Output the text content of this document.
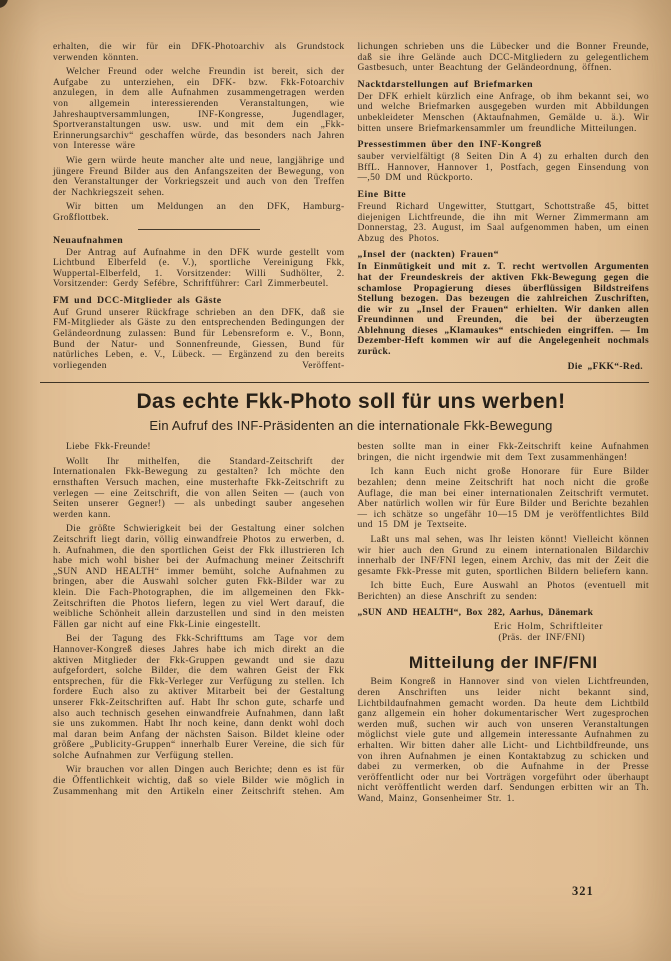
erhalten, die wir für ein DFK-Photoarchiv als Grundstock verwenden könnten.

Welcher Freund oder welche Freundin ist bereit, sich der Aufgabe zu unterziehen, ein DFK- bzw. Fkk-Fotoarchiv anzulegen, in dem alle Aufnahmen zusammengetragen werden von allgemein interessierenden Veranstaltungen, wie Jahreshauptversammlungen, INF-Kongresse, Jugendlager, Sportveranstaltungen usw. usw. und mit dem ein „Fkk-Erinnerungsarchiv“ geschaffen würde, das besonders nach Jahren von Interesse wäre

Wie gern würde heute mancher alte und neue, langjährige und jüngere Freund Bilder aus den Anfangszeiten der Bewegung, von den Veranstaltunger der Vorkriegszeit und auch von den Treffen der Nachkriegszeit sehen.

Wir bitten um Meldungen an den DFK, Hamburg-Großflottbek.

Neuaufnahmen

Der Antrag auf Aufnahme in den DFK wurde gestellt vom Lichtbund Elberfeld (e. V.), sportliche Vereinigung Fkk, Wuppertal-Elberfeld, 1. Vorsitzender: Willi Sudhölter, 2. Vorsitzender: Gerdy Sefébre, Schriftführer: Carl Zimmerbeutel.

FM und DCC-Mitglieder als Gäste

Auf Grund unserer Rückfrage schrieben an den DFK, daß sie FM-Mitglieder als Gäste zu den entsprechenden Bedingungen der Geländeordnung zulassen: Bund für Lebensreform e. V., Bonn, Bund der Natur- und Sonnenfreunde, Giessen, Bund für natürliches Leben, e. V., Lübeck. — Ergänzend zu den bereits vorliegenden Veröffent-

lichungen schrieben uns die Lübecker und die Bonner Freunde, daß sie ihre Gelände auch DCC-Mitgliedern zu gelegentlichem Gastbesuch, unter Beachtung der Geländeordnung, öffnen.

Nacktdarstellungen auf Briefmarken

Der DFK erhielt kürzlich eine Anfrage, ob ihm bekannt sei, wo und welche Briefmarken ausgegeben wurden mit Abbildungen unbekleideter Menschen (Aktaufnahmen, Gemälde u. ä.). Wir bitten unsere Briefmarkensammler um freundliche Mitteilungen.

Pressestimmen über den INF-Kongreß

sauber vervielfältigt (8 Seiten Din A 4) zu erhalten durch den BffL. Hannover, Hannover 1, Postfach, gegen Einsendung von —,50 DM und Rückporto.

Eine Bitte

Freund Richard Ungewitter, Stuttgart, Schottstraße 45, bittet diejenigen Lichtfreunde, die ihn mit Werner Zimmermann am Donnerstag, 23. August, im Saal aufgenommen haben, um einen Abzug des Photos.

„Insel der (nackten) Frauen“

In Einmütigkeit und mit z. T. recht wertvollen Argumenten hat der Freundeskreis der aktiven Fkk-Bewegung gegen die schamlose Propagierung dieses überflüssigen Bildstreifens Stellung bezogen. Das bezeugen die zahlreichen Zuschriften, die wir zu „Insel der Frauen“ erhielten. Wir danken allen Freundinnen und Freunden, die bei der überzeugten Ablehnung dieses „Klamaukes“ entschieden eingriffen. — Im Dezember-Heft kommen wir auf die Angelegenheit nochmals zurück.

Die „FKK“-Red.

Das echte Fkk-Photo soll für uns werben!
Ein Aufruf des INF-Präsidenten an die internationale Fkk-Bewegung

Liebe Fkk-Freunde!

Wollt Ihr mithelfen, die Standard-Zeitschrift der Internationalen Fkk-Bewegung zu gestalten? Ich möchte den ernsthaften Versuch machen, eine musterhafte Fkk-Zeitschrift zu verlegen — eine Zeitschrift, die von allen Seiten — (auch von Seiten unserer Gegner!) — als unbedingt sauber angesehen werden kann.

Die größte Schwierigkeit bei der Gestaltung einer solchen Zeitschrift liegt darin, völlig einwandfreie Photos zu erwerben, d. h. Aufnahmen, die den sportlichen Geist der Fkk illustrieren Ich habe mich wohl bisher bei der Aufmachung meiner Zeitschrift „SUN AND HEALTH“ immer bemüht, solche Aufnahmen zu bringen, aber die Auswahl solcher guten Fkk-Bilder war zu klein. Die Fach-Photographen, die im allgemeinen den Fkk-Zeitschriften die Photos liefern, legen zu viel Wert darauf, die weibliche Schönheit allein darzustellen und sind in den meisten Fällen gar nicht auf eine Fkk-Linie eingestellt.

Bei der Tagung des Fkk-Schrifttums am Tage vor dem Hannover-Kongreß dieses Jahres habe ich mich direkt an die aktiven Mitglieder der Fkk-Gruppen gewandt und sie dazu aufgefordert, solche Bilder, die dem wahren Geist der Fkk entsprechen, für die Fkk-Verleger zur Verfügung zu stellen. Ich fordere Euch also zu aktiver Mitarbeit bei der Gestaltung unserer Fkk-Zeitschriften auf. Habt Ihr schon gute, scharfe und also auch technisch gesehen einwandfreie Aufnahmen, dann laßt sie uns zukommen. Habt Ihr noch keine, dann denkt wohl doch mal daran beim Anfang der nächsten Saison. Bildet kleine oder größere „Publicity-Gruppen“ innerhalb Eurer Vereine, die sich für solche Aufnahmen zur Verfügung stellen.

Wir brauchen vor allen Dingen auch Berichte; denn es ist für die Öffentlichkeit wichtig, daß so viele Bilder wie möglich in Zusammenhang mit den Artikeln einer Zeitschrift stehen. Am

besten sollte man in einer Fkk-Zeitschrift keine Aufnahmen bringen, die nicht irgendwie mit dem Text zusammenhängen!

Ich kann Euch nicht große Honorare für Eure Bilder bezahlen; denn meine Zeitschrift hat noch nicht die große Auflage, die man bei einer internationalen Zeitschrift vermutet. Aber natürlich wollen wir für Eure Bilder und Berichte bezahlen — ich schätze so ungefähr 10—15 DM je veröffentlichtes Bild und 15 DM je Textseite.

Laßt uns mal sehen, was Ihr leisten könnt! Vielleicht können wir hier auch den Grund zu einem internationalen Bildarchiv innerhalb der INF/FNI legen, einem Archiv, das mit der Zeit die gesamte Fkk-Presse mit guten, sportlichen Bildern beliefern kann.

Ich bitte Euch, Eure Auswahl an Photos (eventuell mit Berichten) an diese Anschrift zu senden:

„SUN AND HEALTH“, Box 282, Aarhus, Dänemark

Eric Holm, Schriftleiter

(Präs. der INF/FNI)

Mitteilung der INF/FNI

Beim Kongreß in Hannover sind von vielen Lichtfreunden, deren Anschriften uns leider nicht bekannt sind, Lichtbildaufnahmen gemacht worden. Da heute dem Lichtbild ganz allgemein ein hoher dokumentarischer Wert zugesprochen werden muß, suchen wir auch von unseren Veranstaltungen möglichst viele gute und allgemein interessante Aufnahmen zu erhalten. Wir bitten daher alle Licht- und Lichtbildfreunde, uns von ihren Aufnahmen je einen Kontaktabzug zu schicken und dabei zu vermerken, ob die Aufnahme in der Presse veröffentlicht oder nur bei Vorträgen vorgeführt oder überhaupt nicht veröffentlicht werden darf. Sendungen erbitten wir an Th. Wand, Mainz, Gonsenheimer Str. 1.

321
